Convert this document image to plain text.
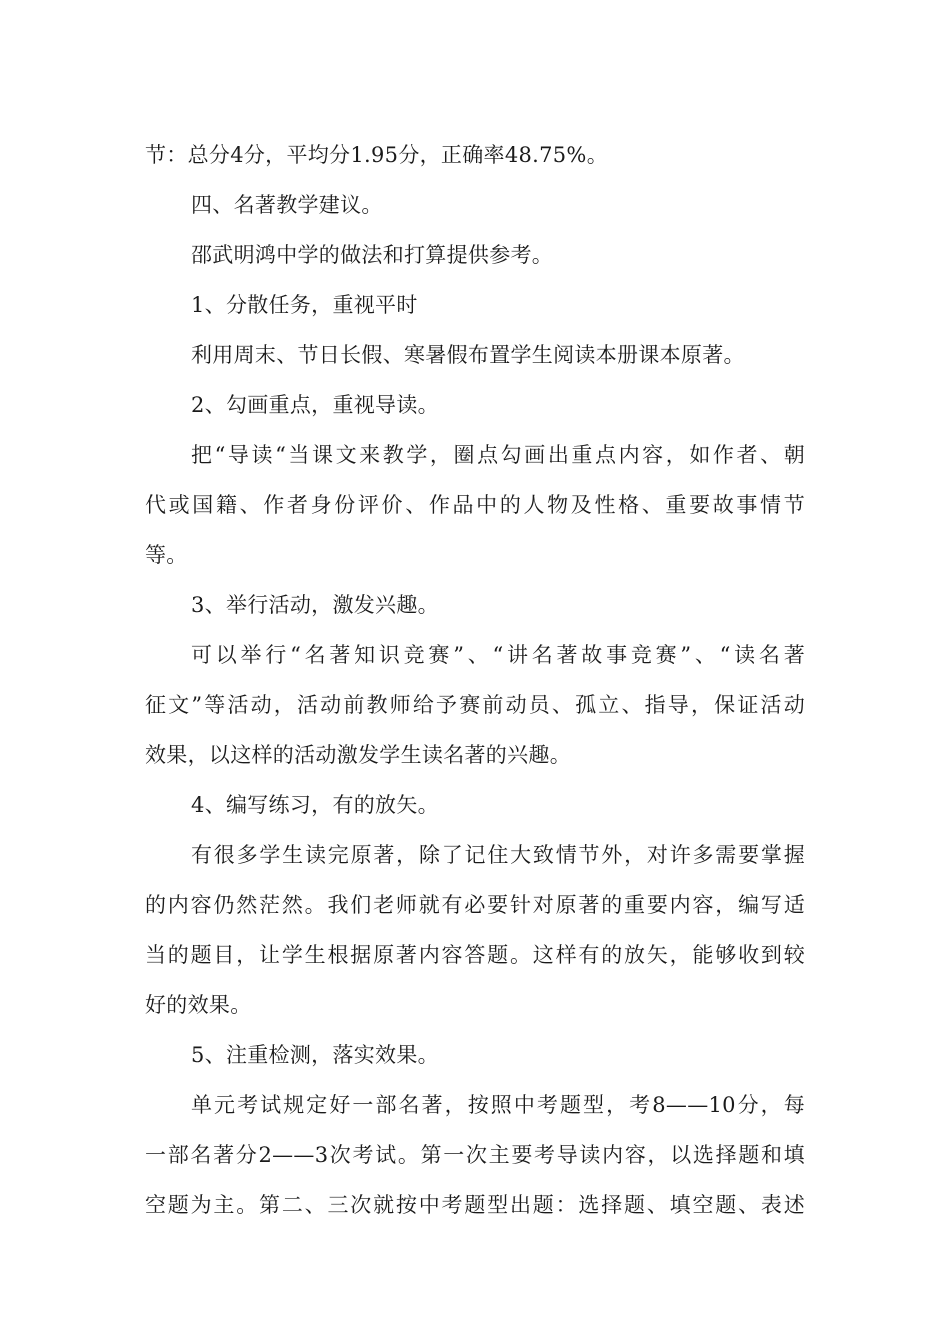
节：总分4分，平均分1.95分，正确率48.75%。
四、名著教学建议。
邵武明鸿中学的做法和打算提供参考。
1、分散任务，重视平时
利用周末、节日长假、寒暑假布置学生阅读本册课本原著。
2、勾画重点，重视导读。
把“导读“当课文来教学，圈点勾画出重点内容，如作者、朝
代或国籍、作者身份评价、作品中的人物及性格、重要故事情节
等。
3、举行活动，激发兴趣。
可以举行“名著知识竞赛”、“讲名著故事竞赛”、“读名著
征文”等活动，活动前教师给予赛前动员、孤立、指导，保证活动
效果，以这样的活动激发学生读名著的兴趣。
4、编写练习，有的放矢。
有很多学生读完原著，除了记住大致情节外，对许多需要掌握
的内容仍然茫然。我们老师就有必要针对原著的重要内容，编写适
当的题目，让学生根据原著内容答题。这样有的放矢，能够收到较
好的效果。
5、注重检测，落实效果。
单元考试规定好一部名著，按照中考题型，考8——10分，每
一部名著分2——3次考试。第一次主要考导读内容，以选择题和填
空题为主。第二、三次就按中考题型出题：选择题、填空题、表述
